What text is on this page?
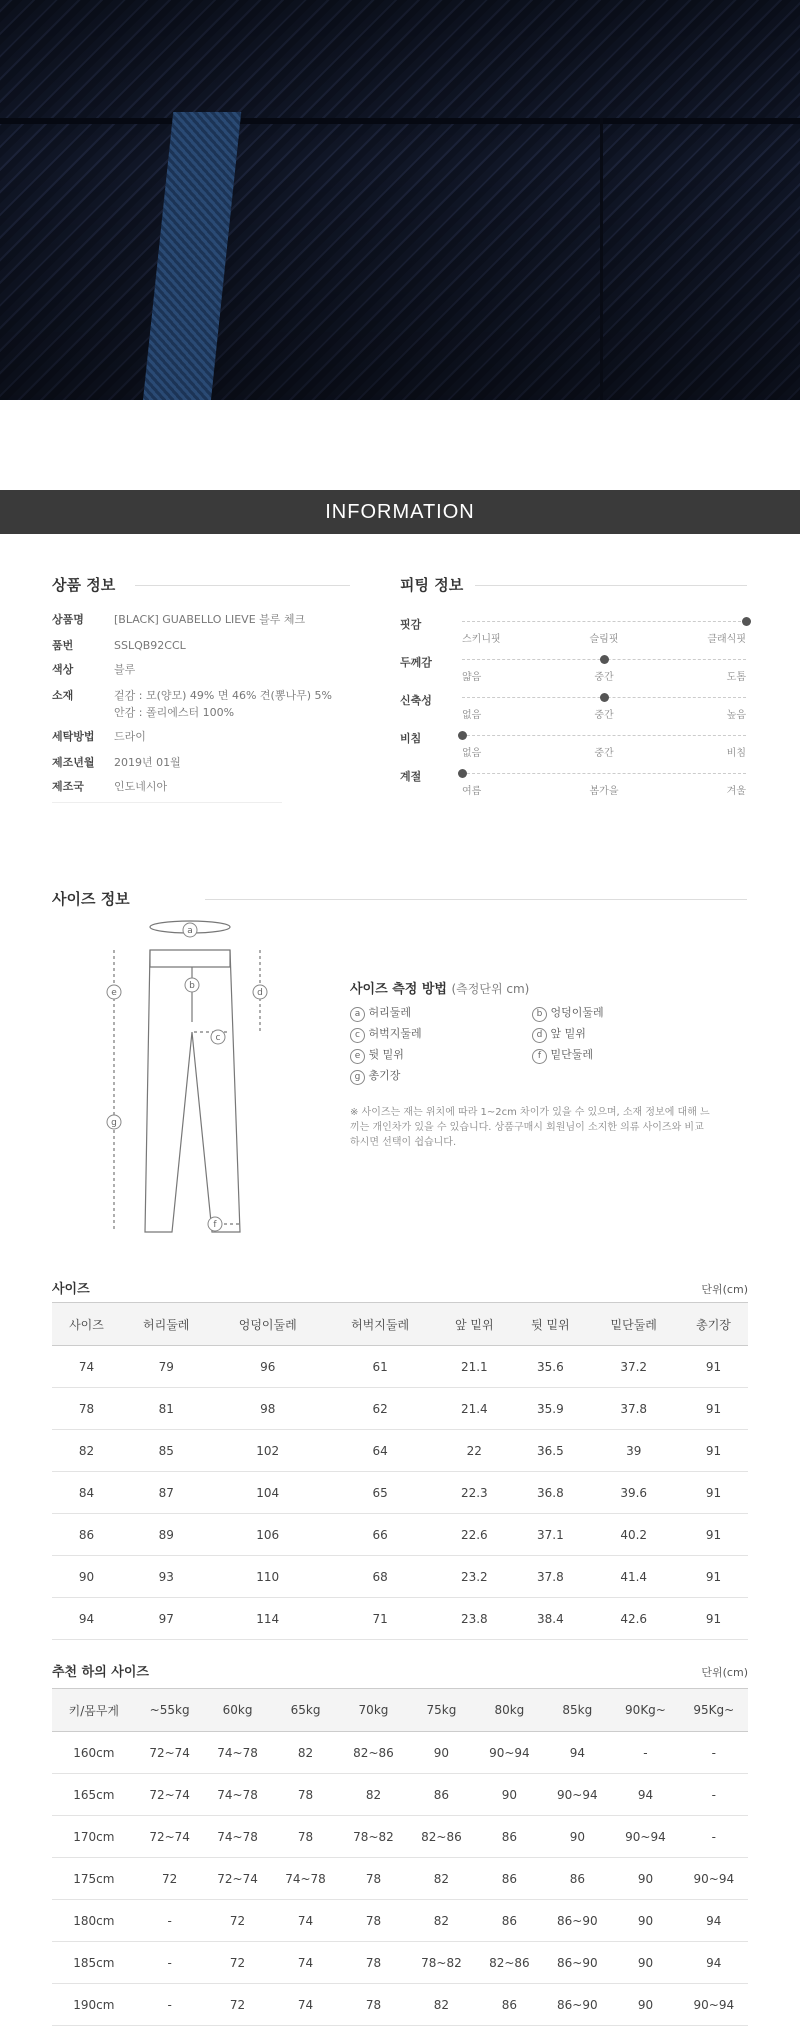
INFORMATION
상품 정보
상품명	[BLACK] GUABELLO LIEVE 블루 체크
품번	SSLQB92CCL
색상	블루
소재	겉감 : 모(양모) 49% 면 46% 견(뽕나무) 5%
안감 : 폴리에스터 100%
세탁방법	드라이
제조년월	2019년 01월
제조국	인도네시아
피팅 정보
핏감
스키니핏	슬림핏	클래식핏
두께감
얇음	중간	도톰
신축성
없음	중간	높음
비침
없음	중간	비침
계절
여름	봄가을	겨울
사이즈 정보
a
b
c
d
e
f
g
사이즈 측정 방법 (측정단위 cm)
a 허리둘레	b 엉덩이둘레
c 허벅지둘레	d 앞 밑위
e 뒷 밑위	f 밑단둘레
g 총기장
※ 사이즈는 재는 위치에 따라 1~2cm 차이가 있을 수 있으며, 소재 정보에 대해 느끼는 개인차가 있을 수 있습니다. 상품구매시 회원님이 소지한 의류 사이즈와 비교하시면 선택이 쉽습니다.
사이즈	단위(cm)
사이즈	허리둘레	엉덩이둘레	허벅지둘레	앞 밑위	뒷 밑위	밑단둘레	총기장
74	79	96	61	21.1	35.6	37.2	91
78	81	98	62	21.4	35.9	37.8	91
82	85	102	64	22	36.5	39	91
84	87	104	65	22.3	36.8	39.6	91
86	89	106	66	22.6	37.1	40.2	91
90	93	110	68	23.2	37.8	41.4	91
94	97	114	71	23.8	38.4	42.6	91
추천 하의 사이즈	단위(cm)
키/몸무게	~55kg	60kg	65kg	70kg	75kg	80kg	85kg	90Kg~	95Kg~
160cm	72~74	74~78	82	82~86	90	90~94	94	-	-
165cm	72~74	74~78	78	82	86	90	90~94	94	-
170cm	72~74	74~78	78	78~82	82~86	86	90	90~94	-
175cm	72	72~74	74~78	78	82	86	86	90	90~94
180cm	-	72	74	78	82	86	86~90	90	94
185cm	-	72	74	78	78~82	82~86	86~90	90	94
190cm	-	72	74	78	82	86	86~90	90	90~94
